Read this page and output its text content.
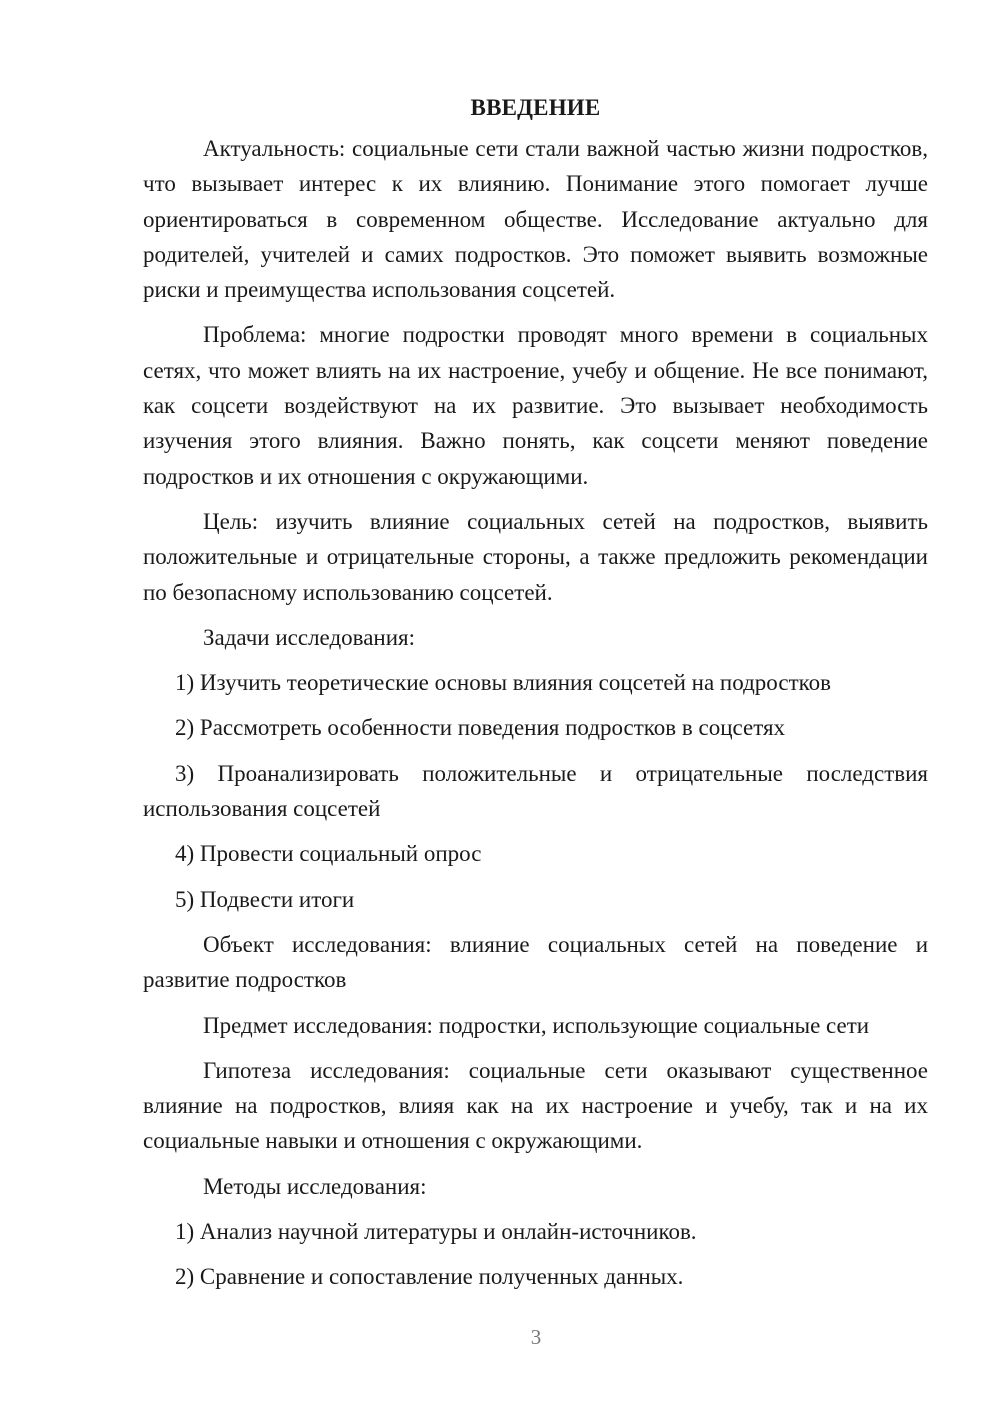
ВВЕДЕНИЕ

Актуальность: социальные сети стали важной частью жизни подростков, что вызывает интерес к их влиянию. Понимание этого помогает лучше ориентироваться в современном обществе. Исследование актуально для родителей, учителей и самих подростков. Это поможет выявить возможные риски и преимущества использования соцсетей.

Проблема: многие подростки проводят много времени в социальных сетях, что может влиять на их настроение, учебу и общение. Не все понимают, как соцсети воздействуют на их развитие. Это вызывает необходимость изучения этого влияния. Важно понять, как соцсети меняют поведение подростков и их отношения с окружающими.

Цель: изучить влияние социальных сетей на подростков, выявить положительные и отрицательные стороны, а также предложить рекомендации по безопасному использованию соцсетей.

Задачи исследования:

1) Изучить теоретические основы влияния соцсетей на подростков

2) Рассмотреть особенности поведения подростков в соцсетях

3) Проанализировать положительные и отрицательные последствия использования соцсетей

4) Провести социальный опрос

5) Подвести итоги

Объект исследования: влияние социальных сетей на поведение и развитие подростков

Предмет исследования: подростки, использующие социальные сети

Гипотеза исследования: социальные сети оказывают существенное влияние на подростков, влияя как на их настроение и учебу, так и на их социальные навыки и отношения с окружающими.

Методы исследования:

1) Анализ научной литературы и онлайн-источников.

2) Сравнение и сопоставление полученных данных.

3
